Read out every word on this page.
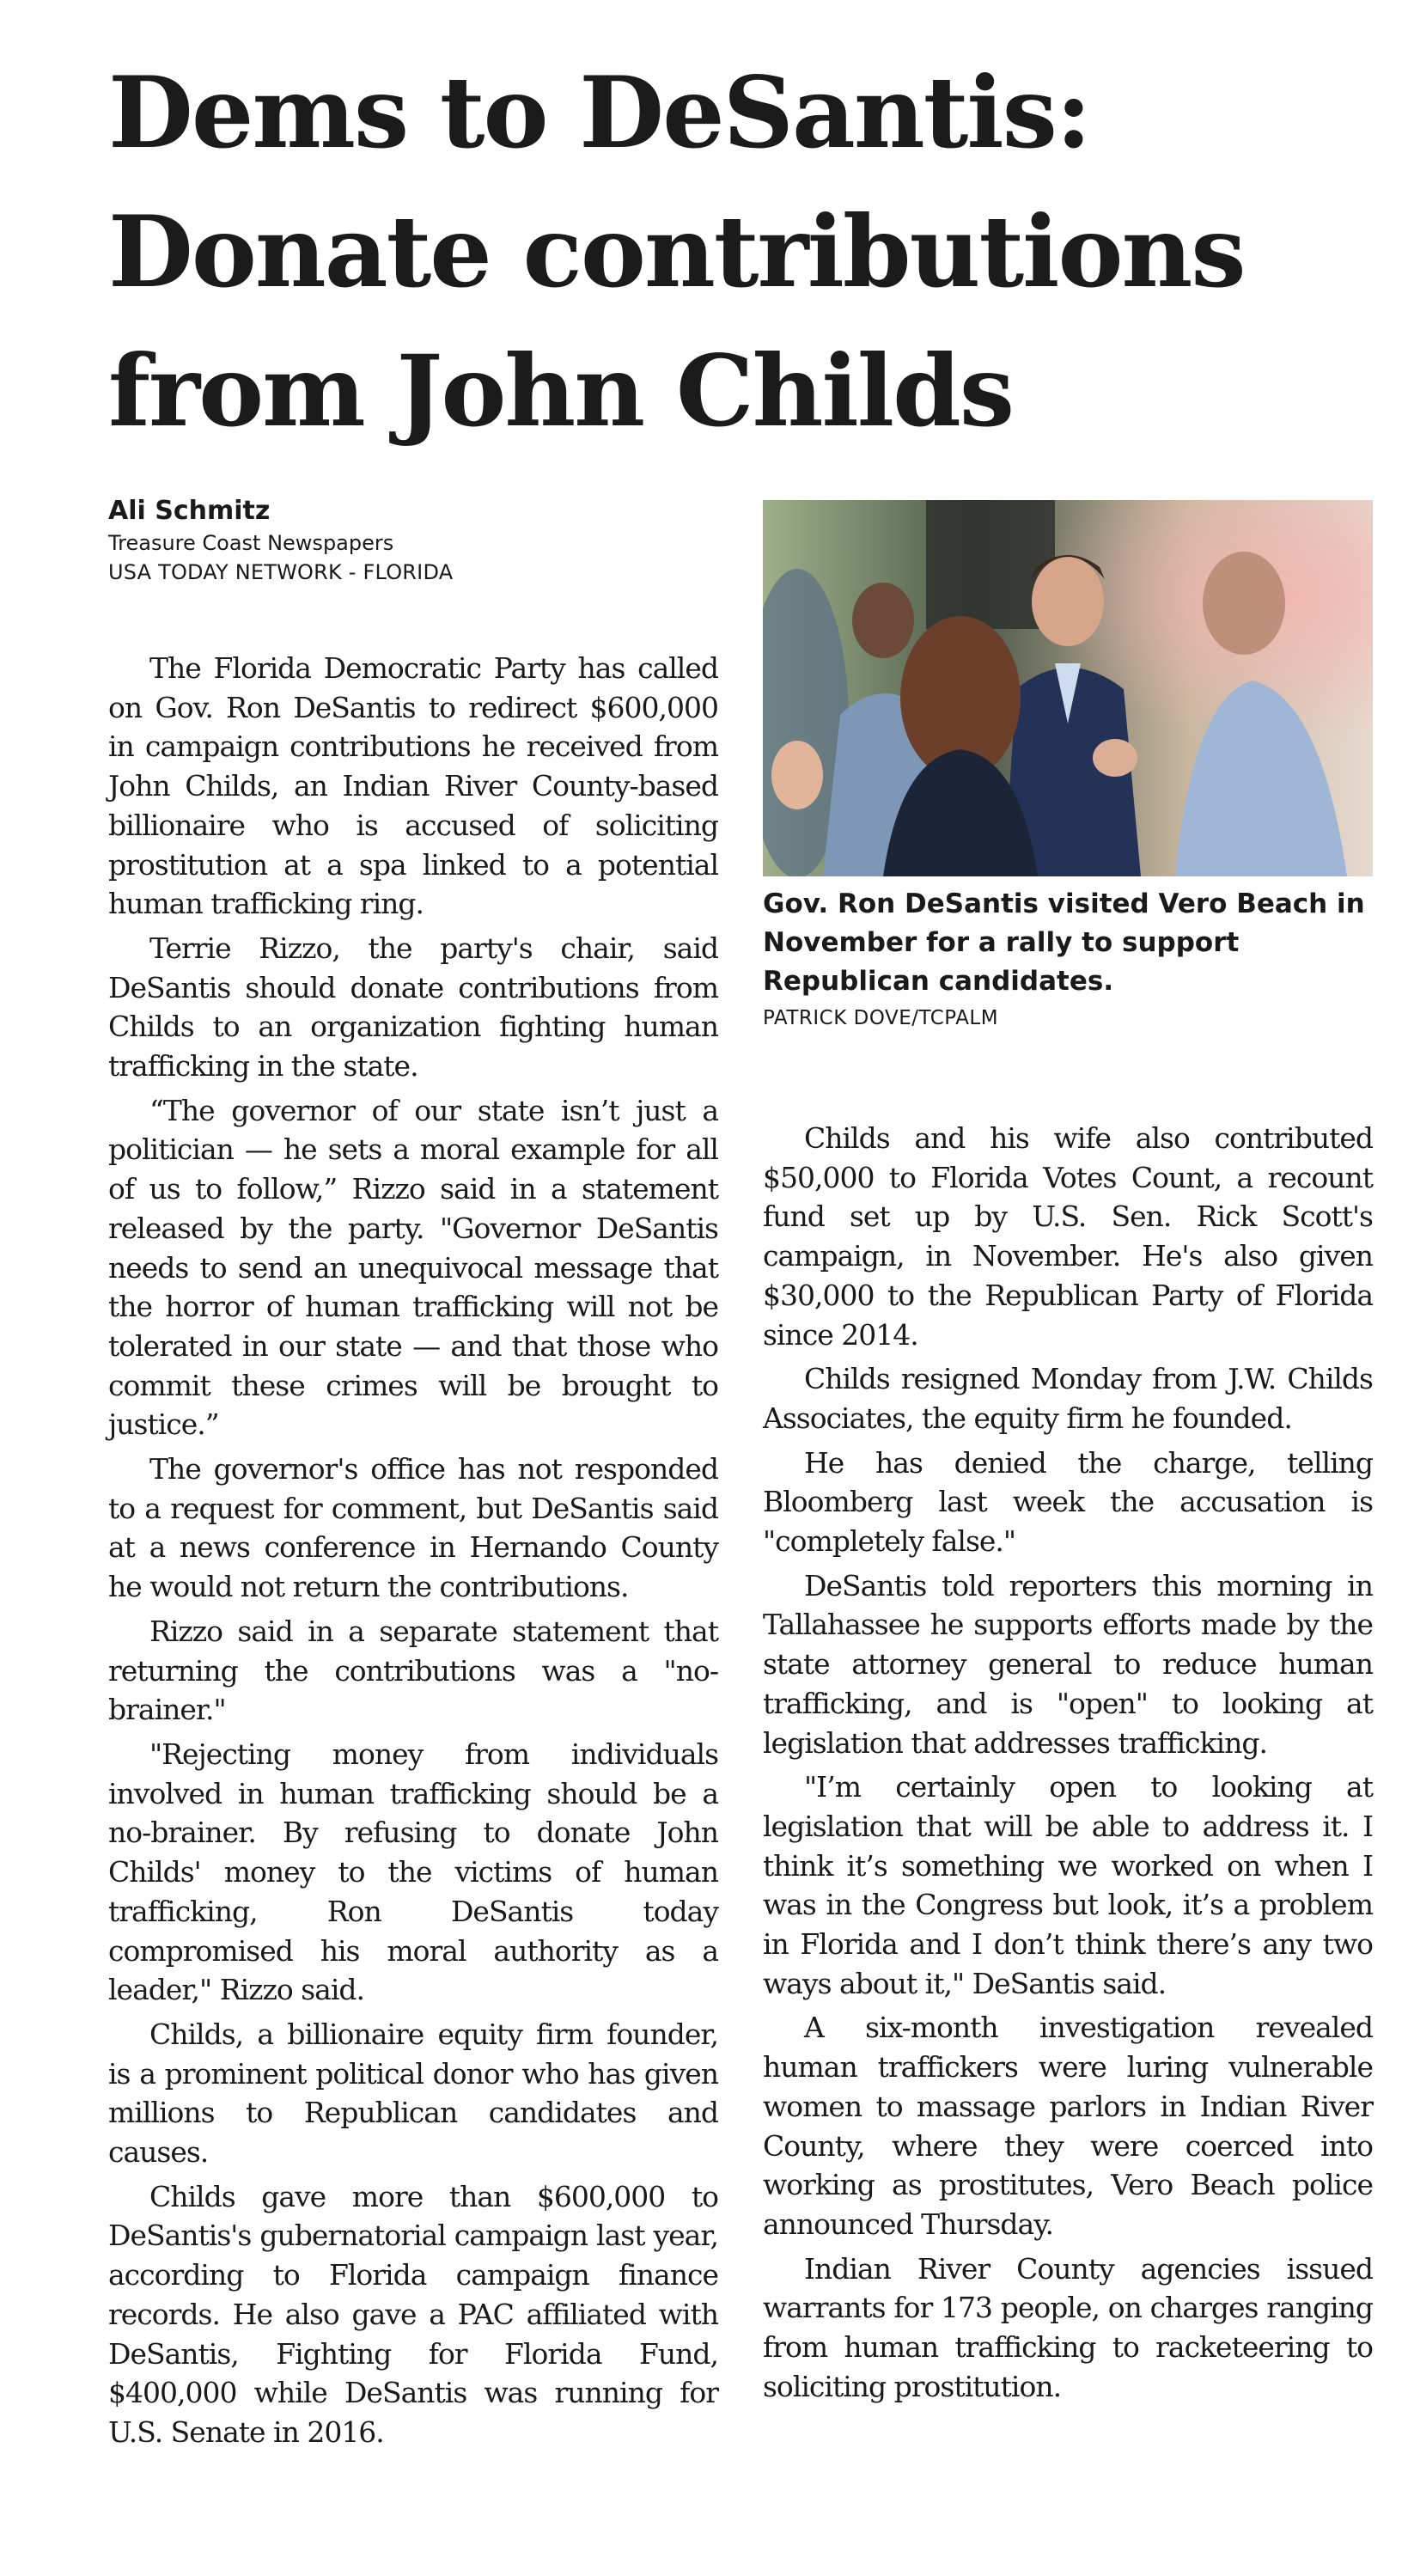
Dems to DeSantis:
Donate contributions
from John Childs
Ali Schmitz
Treasure Coast Newspapers
USA TODAY NETWORK - FLORIDA
Gov. Ron DeSantis visited Vero Beach in November for a rally to support Republican candidates.
PATRICK DOVE/TCPALM

The Florida Democratic Party has called on Gov. Ron DeSantis to redirect $600,000 in campaign contributions he received from John Childs, an Indian River County-based billionaire who is accused of soliciting prostitution at a spa linked to a potential human trafficking ring.

Terrie Rizzo, the party's chair, said DeSantis should donate contributions from Childs to an organization fighting human trafficking in the state.

“The governor of our state isn’t just a politician — he sets a moral example for all of us to follow,” Rizzo said in a statement released by the party. "Governor DeSantis needs to send an unequivocal message that the horror of human trafficking will not be tolerated in our state — and that those who commit these crimes will be brought to justice.”

The governor's office has not responded to a request for comment, but DeSantis said at a news conference in Hernando County he would not return the contributions.

Rizzo said in a separate statement that returning the contributions was a "no-brainer."

"Rejecting money from individuals involved in human trafficking should be a no-brainer. By refusing to donate John Childs' money to the victims of human trafficking, Ron DeSantis today compromised his moral authority as a leader," Rizzo said.

Childs, a billionaire equity firm founder, is a prominent political donor who has given millions to Republican candidates and causes.

Childs gave more than $600,000 to DeSantis's gubernatorial campaign last year, according to Florida campaign finance records. He also gave a PAC affiliated with DeSantis, Fighting for Florida Fund, $400,000 while DeSantis was running for U.S. Senate in 2016.

Childs and his wife also contributed $50,000 to Florida Votes Count, a recount fund set up by U.S. Sen. Rick Scott's campaign, in November. He's also given $30,000 to the Republican Party of Florida since 2014.

Childs resigned Monday from J.W. Childs Associates, the equity firm he founded.

He has denied the charge, telling Bloomberg last week the accusation is "completely false."

DeSantis told reporters this morning in Tallahassee he supports efforts made by the state attorney general to reduce human trafficking, and is "open" to looking at legislation that addresses trafficking.

"I’m certainly open to looking at legislation that will be able to address it. I think it’s something we worked on when I was in the Congress but look, it’s a problem in Florida and I don’t think there’s any two ways about it," DeSantis said.

A six-month investigation revealed human traffickers were luring vulnerable women to massage parlors in Indian River County, where they were coerced into working as prostitutes, Vero Beach police announced Thursday.

Indian River County agencies issued warrants for 173 people, on charges ranging from human trafficking to racketeering to soliciting prostitution.
